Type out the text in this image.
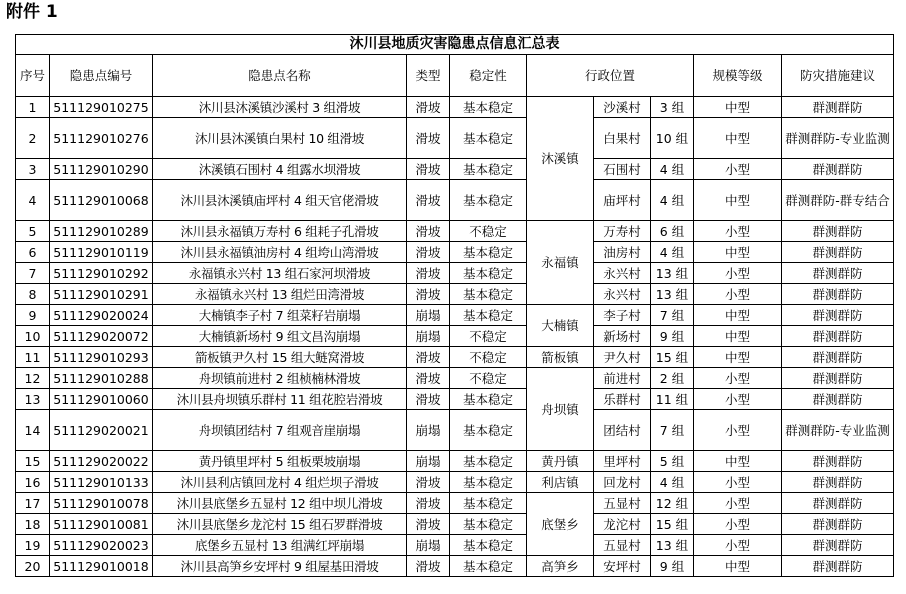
附件 1
沐川县地质灾害隐患点信息汇总表									
序号	隐患点编号	隐患点名称	类型	稳定性	行政位置			规模等级	防灾措施建议
1	511129010275	沐川县沐溪镇沙溪村 3 组滑坡	滑坡	基本稳定	沐溪镇	沙溪村	3 组	中型	群测群防
2	511129010276	沐川县沐溪镇白果村 10 组滑坡	滑坡	基本稳定		白果村	10 组	中型	群测群防-专业监测
3	511129010290	沐溪镇石围村 4 组露水坝滑坡	滑坡	基本稳定		石围村	4 组	小型	群测群防
4	511129010068	沐川县沐溪镇庙坪村 4 组天官佬滑坡	滑坡	基本稳定		庙坪村	4 组	中型	群测群防-群专结合
5	511129010289	沐川县永福镇万寿村 6 组耗子孔滑坡	滑坡	不稳定	永福镇	万寿村	6 组	小型	群测群防
6	511129010119	沐川县永福镇油房村 4 组垮山湾滑坡	滑坡	基本稳定		油房村	4 组	中型	群测群防
7	511129010292	永福镇永兴村 13 组石家河坝滑坡	滑坡	基本稳定		永兴村	13 组	小型	群测群防
8	511129010291	永福镇永兴村 13 组烂田湾滑坡	滑坡	基本稳定		永兴村	13 组	小型	群测群防
9	511129020024	大楠镇李子村 7 组菜籽岩崩塌	崩塌	基本稳定	大楠镇	李子村	7 组	中型	群测群防
10	511129020072	大楠镇新场村 9 组文昌沟崩塌	崩塌	不稳定		新场村	9 组	中型	群测群防
11	511129010293	箭板镇尹久村 15 组大鲢窝滑坡	滑坡	不稳定	箭板镇	尹久村	15 组	中型	群测群防
12	511129010288	舟坝镇前进村 2 组桢楠林滑坡	滑坡	不稳定	舟坝镇	前进村	2 组	小型	群测群防
13	511129010060	沐川县舟坝镇乐群村 11 组花腔岩滑坡	滑坡	基本稳定		乐群村	11 组	小型	群测群防
14	511129020021	舟坝镇团结村 7 组观音崖崩塌	崩塌	基本稳定		团结村	7 组	小型	群测群防-专业监测
15	511129020022	黄丹镇里坪村 5 组板栗坡崩塌	崩塌	基本稳定	黄丹镇	里坪村	5 组	中型	群测群防
16	511129010133	沐川县利店镇回龙村 4 组烂坝子滑坡	滑坡	基本稳定	利店镇	回龙村	4 组	小型	群测群防
17	511129010078	沐川县底堡乡五显村 12 组中坝儿滑坡	滑坡	基本稳定	底堡乡	五显村	12 组	小型	群测群防
18	511129010081	沐川县底堡乡龙沱村 15 组石罗群滑坡	滑坡	基本稳定		龙沱村	15 组	小型	群测群防
19	511129020023	底堡乡五显村 13 组满红坪崩塌	崩塌	基本稳定		五显村	13 组	小型	群测群防
20	511129010018	沐川县高笋乡安坪村 9 组屋基田滑坡	滑坡	基本稳定	高笋乡	安坪村	9 组	中型	群测群防
